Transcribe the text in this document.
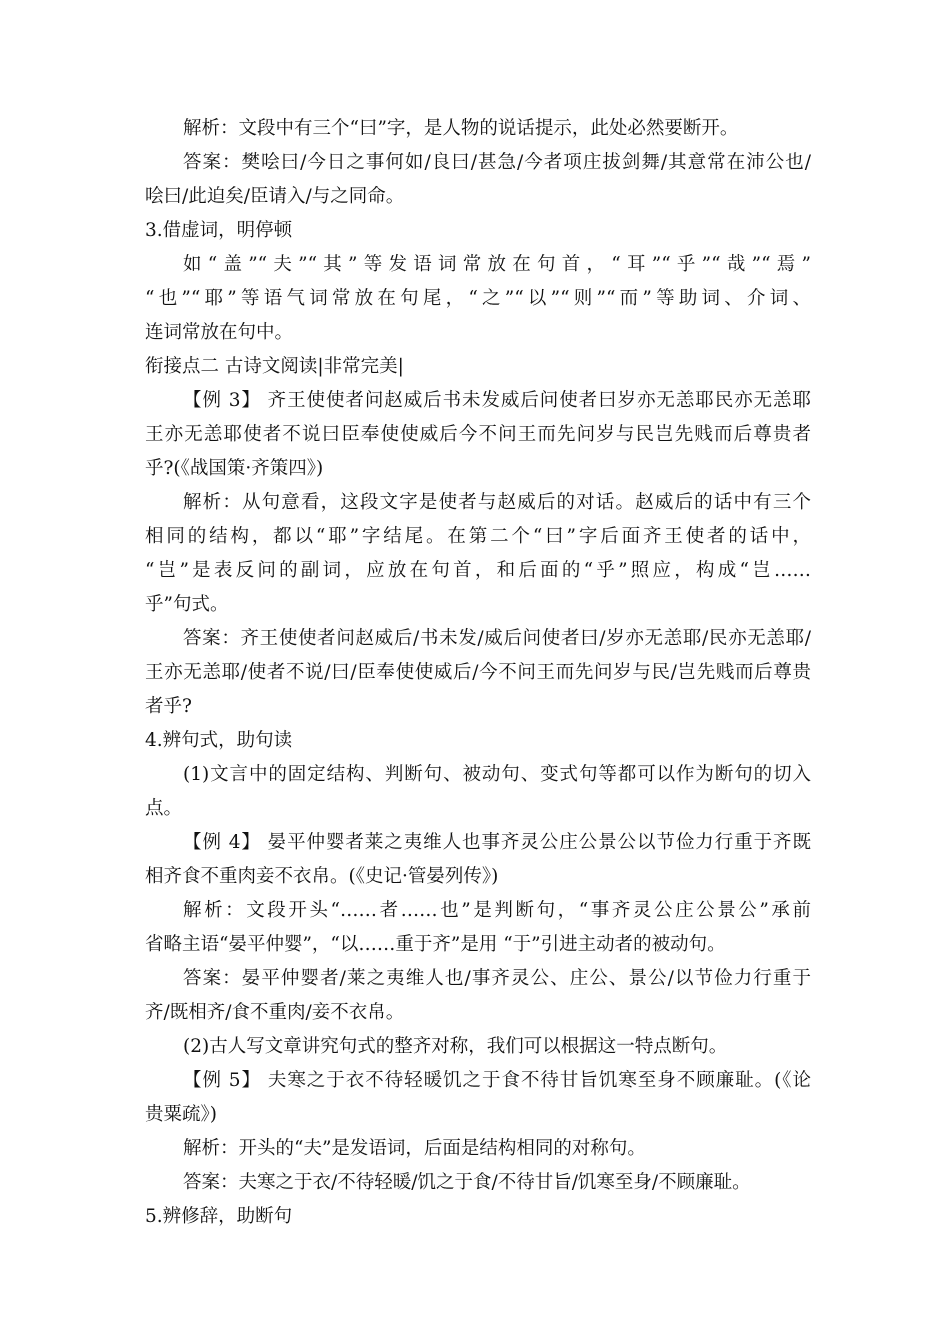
解析：文段中有三个“曰”字，是人物的说话提示，此处必然要断开。
答案：樊哙曰/今日之事何如/良曰/甚急/今者项庄拔剑舞/其意常在沛公也/
哙曰/此迫矣/臣请入/与之同命。
3.借虚词，明停顿
如“盖”“夫”“其”等发语词常放在句首，“耳”“乎”“哉”“焉”
“也”“耶”等语气词常放在句尾，“之”“以”“则”“而”等助词、介词、
连词常放在句中。
衔接点二 古诗文阅读|非常完美|
【例 3】 齐王使使者问赵威后书未发威后问使者曰岁亦无恙耶民亦无恙耶
王亦无恙耶使者不说曰臣奉使使威后今不问王而先问岁与民岂先贱而后尊贵者
乎?(《战国策·齐策四》)
解析：从句意看，这段文字是使者与赵威后的对话。赵威后的话中有三个
相同的结构，都以“耶”字结尾。在第二个“曰”字后面齐王使者的话中，
“岂”是表反问的副词，应放在句首，和后面的“乎”照应，构成“岂……
乎”句式。
答案：齐王使使者问赵威后/书未发/威后问使者曰/岁亦无恙耶/民亦无恙耶/
王亦无恙耶/使者不说/曰/臣奉使使威后/今不问王而先问岁与民/岂先贱而后尊贵
者乎?
4.辨句式，助句读
(1)文言中的固定结构、判断句、被动句、变式句等都可以作为断句的切入
点。
【例 4】 晏平仲婴者莱之夷维人也事齐灵公庄公景公以节俭力行重于齐既
相齐食不重肉妾不衣帛。(《史记·管晏列传》)
解析：文段开头“……者……也”是判断句，“事齐灵公庄公景公”承前
省略主语“晏平仲婴”，“以……重于齐”是用 “于”引进主动者的被动句。
答案：晏平仲婴者/莱之夷维人也/事齐灵公、庄公、景公/以节俭力行重于
齐/既相齐/食不重肉/妾不衣帛。
(2)古人写文章讲究句式的整齐对称，我们可以根据这一特点断句。
【例 5】 夫寒之于衣不待轻暖饥之于食不待甘旨饥寒至身不顾廉耻。(《论
贵粟疏》)
解析：开头的“夫”是发语词，后面是结构相同的对称句。
答案：夫寒之于衣/不待轻暖/饥之于食/不待甘旨/饥寒至身/不顾廉耻。
5.辨修辞，助断句
